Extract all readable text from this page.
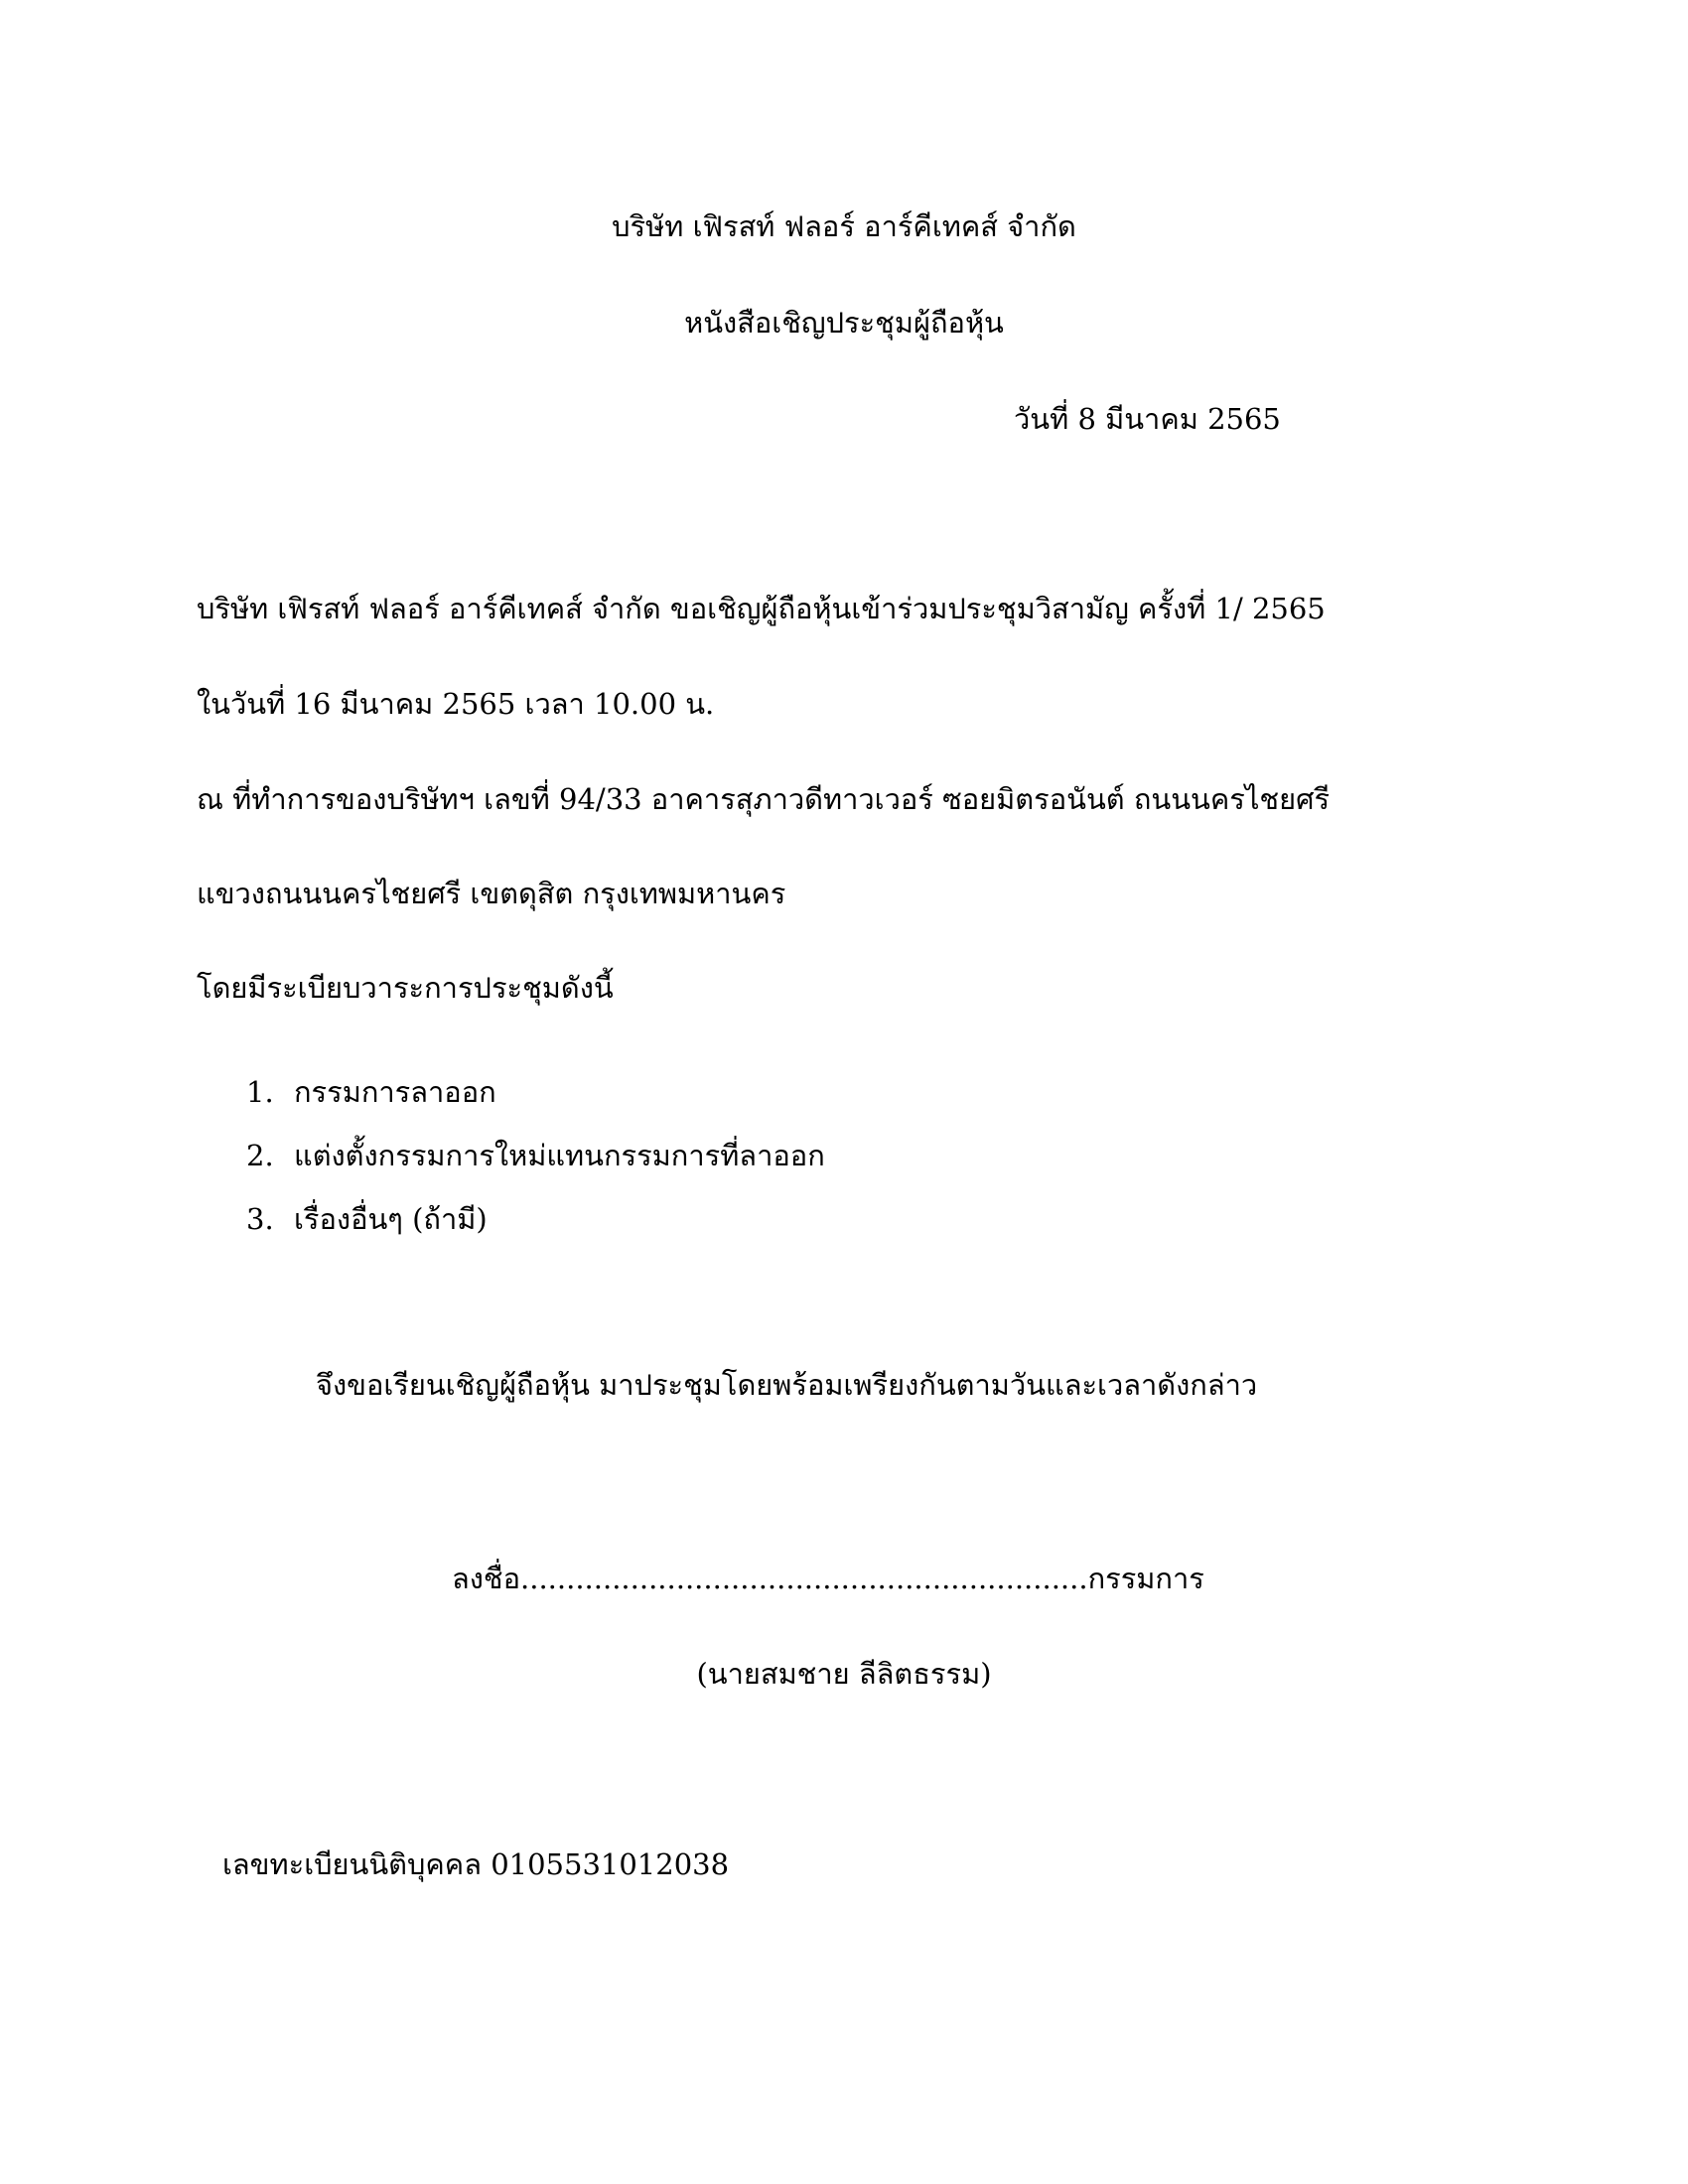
บริษัท เฟิรสท์ ฟลอร์ อาร์คีเทคส์ จำกัด
หนังสือเชิญประชุมผู้ถือหุ้น
วันที่ 8 มีนาคม 2565
บริษัท เฟิรสท์ ฟลอร์ อาร์คีเทคส์ จำกัด ขอเชิญผู้ถือหุ้นเข้าร่วมประชุมวิสามัญ ครั้งที่ 1/ 2565
ในวันที่ 16 มีนาคม 2565 เวลา 10.00 น.
ณ ที่ทำการของบริษัทฯ เลขที่ 94/33 อาคารสุภาวดีทาวเวอร์ ซอยมิตรอนันต์ ถนนนครไชยศรี
แขวงถนนนครไชยศรี เขตดุสิต กรุงเทพมหานคร
โดยมีระเบียบวาระการประชุมดังนี้
1. กรรมการลาออก
2. แต่งตั้งกรรมการใหม่แทนกรรมการที่ลาออก
3. เรื่องอื่นๆ (ถ้ามี)
จึงขอเรียนเชิญผู้ถือหุ้น มาประชุมโดยพร้อมเพรียงกันตามวันและเวลาดังกล่าว
ลงชื่อ..............................................................กรรมการ
(นายสมชาย ลีลิตธรรม)
เลขทะเบียนนิติบุคคล 0105531012038
